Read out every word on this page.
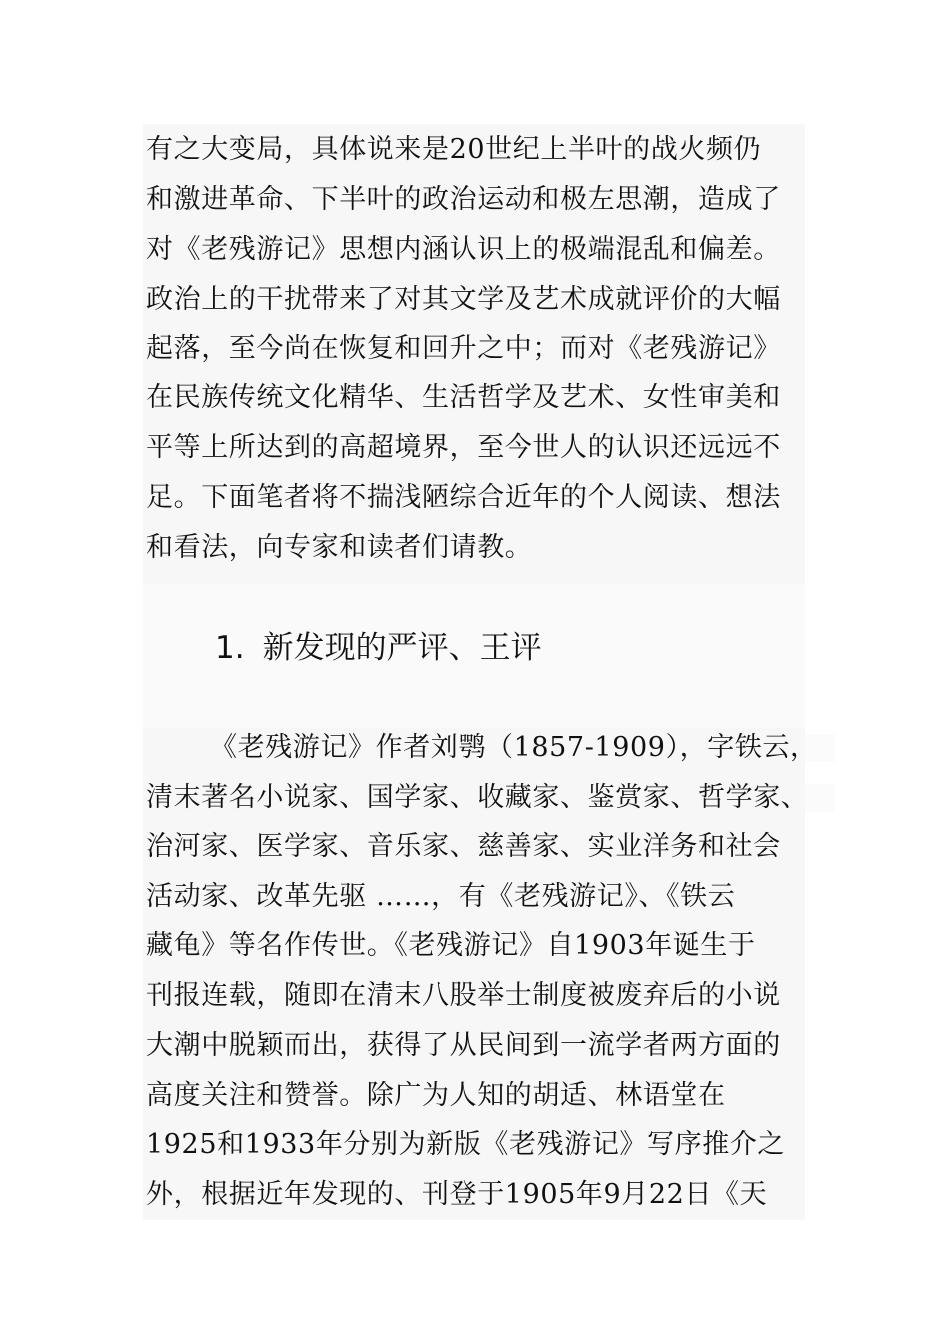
有之大变局，具体说来是20世纪上半叶的战火频仍
和激进革命、下半叶的政治运动和极左思潮，造成了
对《老残游记》思想内涵认识上的极端混乱和偏差。
政治上的干扰带来了对其文学及艺术成就评价的大幅
起落，至今尚在恢复和回升之中；而对《老残游记》
在民族传统文化精华、生活哲学及艺术、女性审美和
平等上所达到的高超境界，至今世人的认识还远远不
足。下面笔者将不揣浅陋综合近年的个人阅读、想法
和看法，向专家和读者们请教。
1. 新发现的严评、王评
《老残游记》作者刘鹗（1857-1909），字铁云，
清末著名小说家、国学家、收藏家、鉴赏家、哲学家、
治河家、医学家、音乐家、慈善家、实业洋务和社会
活动家、改革先驱 ……，有《老残游记》、《铁云
藏龟》等名作传世。《老残游记》自1903年诞生于
刊报连载，随即在清末八股举士制度被废弃后的小说
大潮中脱颖而出，获得了从民间到一流学者两方面的
高度关注和赞誉。除广为人知的胡适、林语堂在
1925和1933年分别为新版《老残游记》写序推介之
外，根据近年发现的、刊登于1905年9月22日《天
